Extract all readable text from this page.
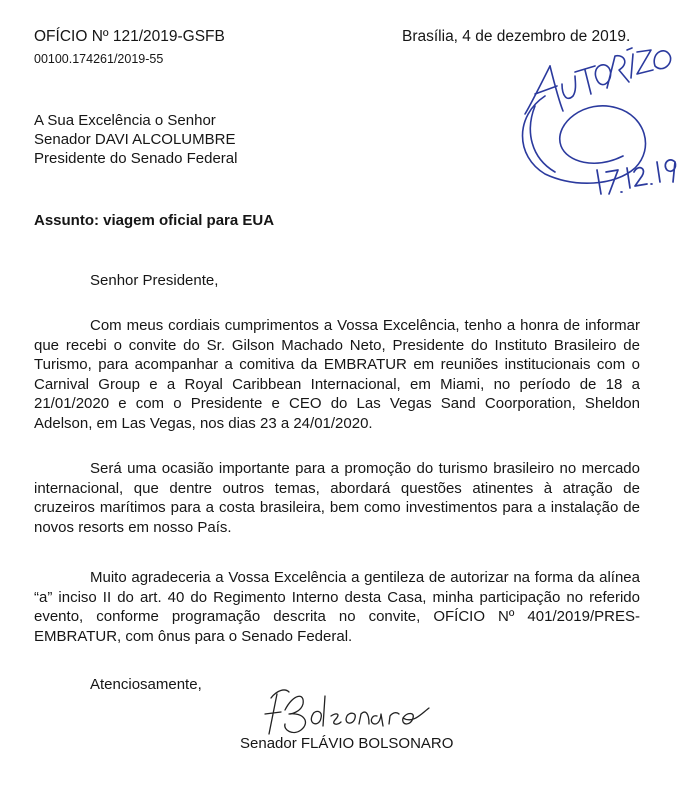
OFÍCIO Nº 121/2019-GSFB
00100.174261/2019-55
Brasília, 4 de dezembro de 2019.
A Sua Excelência o Senhor
Senador DAVI ALCOLUMBRE
Presidente do Senado Federal
Assunto: viagem oficial para EUA
Senhor Presidente,

Com meus cordiais cumprimentos a Vossa Excelência, tenho a honra de informar que recebi o convite do Sr. Gilson Machado Neto, Presidente do Instituto Brasileiro de Turismo, para acompanhar a comitiva da EMBRATUR em reuniões institucionais com o Carnival Group e a Royal Caribbean Internacional, em Miami, no período de 18 a 21/01/2020 e com o Presidente e CEO do Las Vegas Sand Coorporation, Sheldon Adelson, em Las Vegas, nos dias 23 a 24/01/2020.

Será uma ocasião importante para a promoção do turismo brasileiro no mercado internacional, que dentre outros temas, abordará questões atinentes à atração de cruzeiros marítimos para a costa brasileira, bem como investimentos para a instalação de novos resorts em nosso País.

Muito agradeceria a Vossa Excelência a gentileza de autorizar na forma da alínea “a” inciso II do art. 40 do Regimento Interno desta Casa, minha participação no referido evento, conforme programação descrita no convite, OFÍCIO Nº 401/2019/PRES-EMBRATUR, com ônus para o Senado Federal.

Atenciosamente,
Senador FLÁVIO BOLSONARO
